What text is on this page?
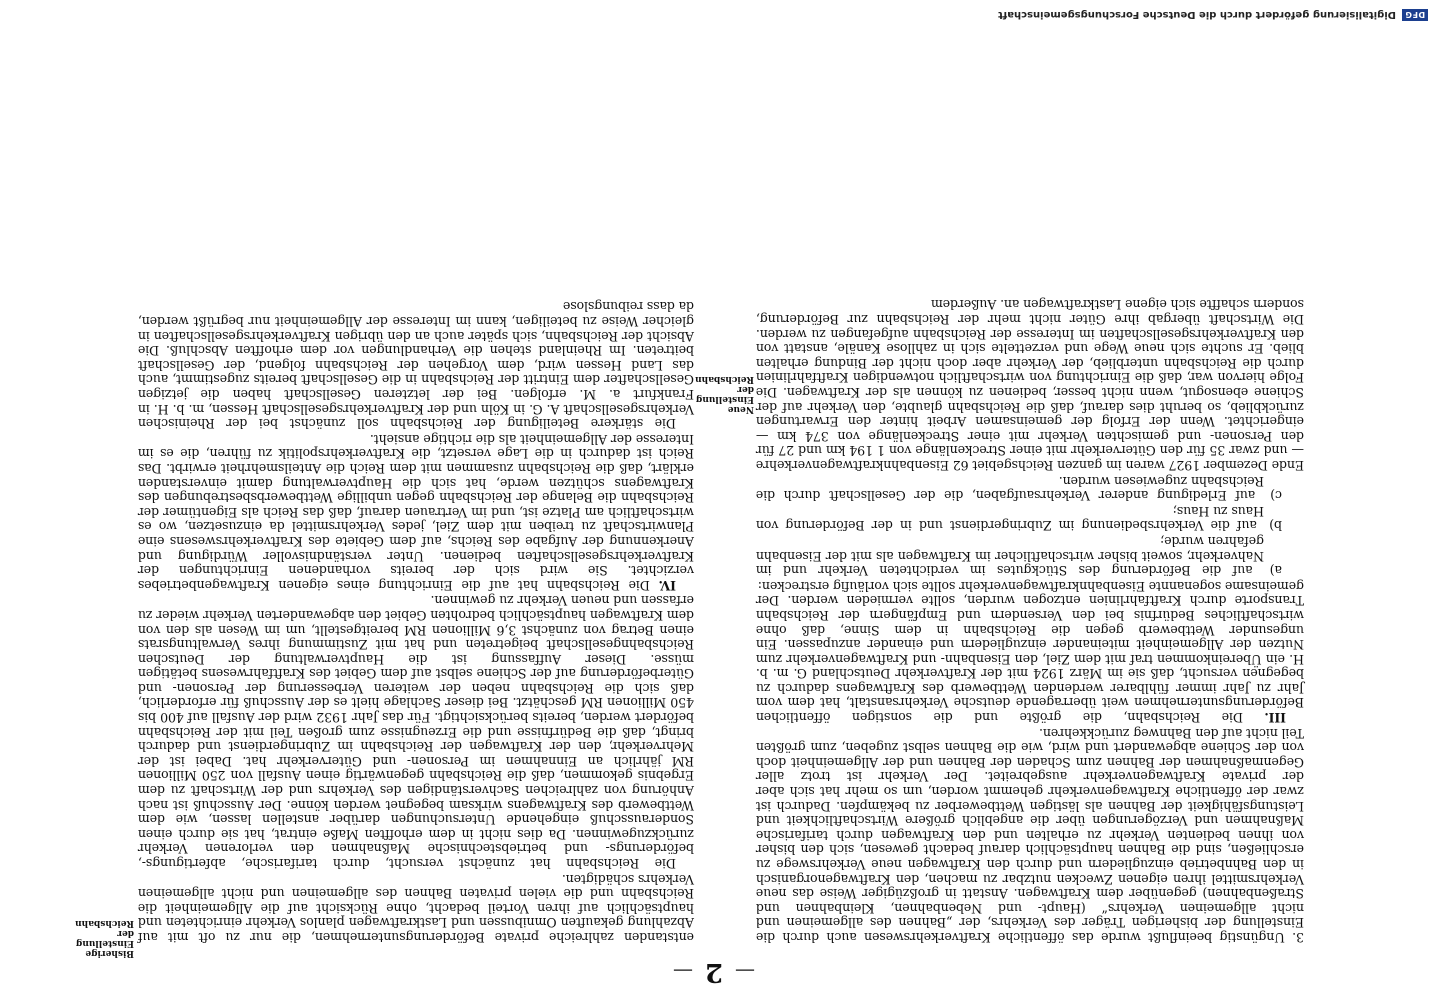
—
2
—

3. Ungünstig beeinflußt wurde das öffentliche Kraftverkehrswesen auch durch die Einstellung der bisherigen Träger des Verkehrs, der „Bahnen des allgemeinen und nicht allgemeinen Verkehrs“ (Haupt- und Nebenbahnen, Kleinbahnen und Straßenbahnen) gegenüber dem Kraftwagen. Anstatt in großzügiger Weise das neue Verkehrsmittel ihren eigenen Zwecken nutzbar zu machen, den Kraftwagenorganisch in den Bahnbetrieb einzugliedern und durch den Kraftwagen neue Verkehrswege zu erschließen, sind die Bahnen hauptsächlich darauf bedacht gewesen, sich den bisher von ihnen bedienten Verkehr zu erhalten und den Kraftwagen durch tarifarische Maßnahmen und Verzögerungen über die angeblich größere Wirtschaftlichkeit und Leistungsfähigkeit der Bahnen als lästigen Wettbewerber zu bekämpfen. Dadurch ist zwar der öffentliche Kraftwagenverkehr gehemmt worden, um so mehr hat sich aber der private Kraftwagenverkehr ausgebreitet. Der Verkehr ist trotz aller Gegenmaßnahmen der Bahnen zum Schaden der Bahnen und der Allgemeinheit doch von der Schiene abgewandert und wird, wie die Bahnen selbst zugeben, zum größten Teil nicht auf den Bahnweg zurückkehren.

III. Die Reichsbahn, die größte und die sonstigen öffentlichen Beförderungsunternehmen weit überragende deutsche Verkehrsanstalt, hat dem vom Jahr zu Jahr immer fühlbarer werdenden Wettbewerb des Kraftwagens dadurch zu begegnen versucht, daß sie im März 1924 mit der Kraftverkehr Deutschland G. m. b. H. ein Übereinkommen traf mit dem Ziel, den Eisenbahn- und Kraftwagenverkehr zum Nutzen der Allgemeinheit miteinander einzugliedern und einander anzupassen. Ein ungesunder Wettbewerb gegen die Reichsbahn in dem Sinne, daß ohne wirtschaftliches Bedürfnis bei den Versendern und Empfängern der Reichsbahn Transporte durch Kraftfahrlinien entzogen wurden, sollte vermieden werden. Der gemeinsame sogenannte Eisenbahnkraftwagenverkehr sollte sich vorläufig erstrecken:

a) auf die Beförderung des Stückgutes im verdichteten Verkehr und im Nahverkehr, soweit bisher wirtschaftlicher im Kraftwagen als mit der Eisenbahn gefahren wurde;
b) auf die Verkehrsbedienung im Zubringerdienst und in der Beförderung von Haus zu Haus;
c) auf Erledigung anderer Verkehrsaufgaben, die der Gesellschaft durch die Reichsbahn zugewiesen wurden.

Ende Dezember 1927 waren im ganzen Reichsgebiet 62 Eisenbahnkraftwagenverkehre — und zwar 35 für den Güterverkehr mit einer Streckenlänge von 1 194 km und 27 für den Personen- und gemischten Verkehr mit einer Streckenlänge von 374 km — eingerichtet. Wenn der Erfolg der gemeinsamen Arbeit hinter den Erwartungen zurückblieb, so beruht dies darauf, daß die Reichsbahn glaubte, den Verkehr auf der Schiene ebensogut, wenn nicht besser, bedienen zu können als der Kraftwagen. Die Folge hiervon war, daß die Einrichtung von wirtschaftlich notwendigen Kraftfahrlinien durch die Reichsbahn unterblieb, der Verkehr aber doch nicht der Bindung erhalten blieb. Er suchte sich neue Wege und verzettelte sich in zahllose Kanäle, anstatt von den Kraftverkehrsgesellschaften im Interesse der Reichsbahn aufgefangen zu werden. Die Wirtschaft übergab ihre Güter nicht mehr der Reichsbahn zur Beförderung, sondern schaffte sich eigene Lastkraftwagen an. Außerdem

Neue Einstellung der Reichsbahn

entstanden zahlreiche private Beförderungsunternehmen, die nur zu oft mit auf Abzahlung gekauften Omnibussen und Lastkraftwagen planlos Verkehr einrichteten und hauptsächlich auf ihren Vorteil bedacht, ohne Rücksicht auf die Allgemeinheit die Reichsbahn und die vielen privaten Bahnen des allgemeinen und nicht allgemeinen Verkehrs schädigten.

Die Reichsbahn hat zunächst versucht, durch tarifarische, abfertigungs-, beförderungs- und betriebstechnische Maßnahmen den verlorenen Verkehr zurückzugewinnen. Da dies nicht in dem erhofften Maße eintrat, hat sie durch einen Sonderausschuß eingehende Untersuchungen darüber anstellen lassen, wie dem Wettbewerb des Kraftwagens wirksam begegnet werden könne. Der Ausschuß ist nach Anhörung von zahlreichen Sachverständigen des Verkehrs und der Wirtschaft zu dem Ergebnis gekommen, daß die Reichsbahn gegenwärtig einen Ausfall von 250 Millionen RM jährlich an Einnahmen im Personen- und Güterverkehr hat. Dabei ist der Mehrverkehr, den der Kraftwagen der Reichsbahn im Zubringerdienst und dadurch bringt, daß die Bedürfnisse und die Erzeugnisse zum großen Teil mit der Reichsbahn befördert werden, bereits berücksichtigt. Für das Jahr 1932 wird der Ausfall auf 400 bis 450 Millionen RM geschätzt. Bei dieser Sachlage hielt es der Ausschuß für erforderlich, daß sich die Reichsbahn neben der weiteren Verbesserung der Personen- und Güterbeförderung auf der Schiene selbst auf dem Gebiet des Kraftfahrwesens betätigen müsse. Dieser Auffassung ist die Hauptverwaltung der Deutschen Reichsbahngesellschaft beigetreten und hat mit Zustimmung ihres Verwaltungsrats einen Betrag von zunächst 3,6 Millionen RM bereitgestellt, um im Wesen als den von dem Kraftwagen hauptsächlich bedrohten Gebiet den abgewanderten Verkehr wieder zu erfassen und neuen Verkehr zu gewinnen.

IV. Die Reichsbahn hat auf die Einrichtung eines eigenen Kraftwagenbetriebes verzichtet. Sie wird sich der bereits vorhandenen Einrichtungen der Kraftverkehrsgesellschaften bedienen. Unter verständnisvoller Würdigung und Anerkennung der Aufgabe des Reichs, auf dem Gebiete des Kraftverkehrswesens eine Planwirtschaft zu treiben mit dem Ziel, jedes Verkehrsmittel da einzusetzen, wo es wirtschaftlich am Platze ist, und im Vertrauen darauf, daß das Reich als Eigentümer der Reichsbahn die Belange der Reichsbahn gegen unbillige Wettbewerbsbestrebungen des Kraftwagens schützen werde, hat sich die Hauptverwaltung damit einverstanden erklärt, daß die Reichsbahn zusammen mit dem Reich die Anteilsmehrheit erwirbt. Das Reich ist dadurch in die Lage versetzt, die Kraftverkehrspolitik zu führen, die es im Interesse der Allgemeinheit als die richtige ansieht.

Die stärkere Beteiligung der Reichsbahn soll zunächst bei der Rheinischen Verkehrsgesellschaft A. G. in Köln und der Kraftverkehrsgesellschaft Hessen, m. b. H. in Frankfurt a. M. erfolgen. Bei der letzteren Gesellschaft haben die jetzigen Gesellschafter dem Eintritt der Reichsbahn in die Gesellschaft bereits zugestimmt, auch das Land Hessen wird, dem Vorgehen der Reichsbahn folgend, der Gesellschaft beitreten. Im Rheinland stehen die Verhandlungen vor dem erhofften Abschluß. Die Absicht der Reichsbahn, sich später auch an den übrigen Kraftverkehrsgesellschaften in gleicher Weise zu beteiligen, kann im Interesse der Allgemeinheit nur begrüßt werden, da dass reibungslose

Bisherige Einstellung der Reichsbahn
DFG
Digitalisierung gefördert durch die Deutsche Forschungsgemeinschaft
